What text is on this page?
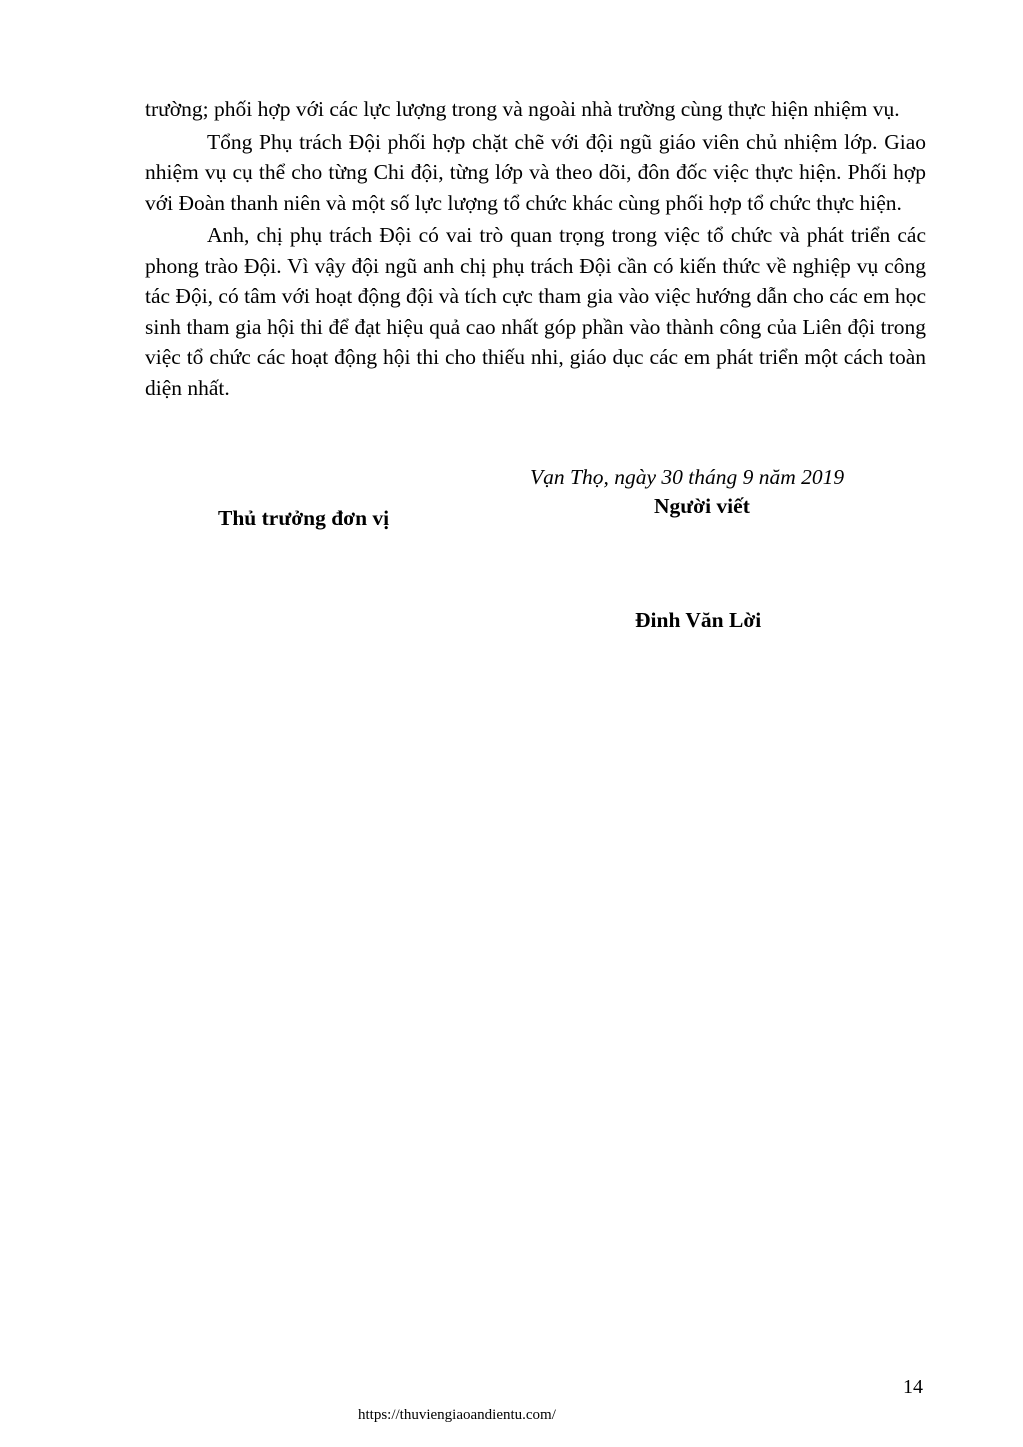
trường; phối hợp với các lực lượng trong và ngoài nhà trường cùng thực hiện nhiệm vụ.

Tổng Phụ trách Đội phối hợp chặt chẽ với đội ngũ giáo viên chủ nhiệm lớp. Giao nhiệm vụ cụ thể cho từng Chi đội, từng lớp và theo dõi, đôn đốc việc thực hiện. Phối hợp với Đoàn thanh niên và một số lực lượng tổ chức khác cùng phối hợp tổ chức thực hiện.

Anh, chị phụ trách Đội có vai trò quan trọng trong việc tổ chức và phát triển các phong trào Đội. Vì vậy đội ngũ anh chị phụ trách Đội cần có kiến thức về nghiệp vụ công tác Đội, có tâm với hoạt động đội và tích cực tham gia vào việc hướng dẫn cho các em học sinh tham gia hội thi để đạt hiệu quả cao nhất góp phần vào thành công của Liên đội trong việc tổ chức các hoạt động hội thi cho thiếu nhi, giáo dục các em phát triển một cách toàn diện nhất.

Vạn Thọ, ngày 30 tháng 9 năm 2019
Người viết
Thủ trưởng đơn vị
Đinh Văn Lời
14
https://thuviengiaoandientu.com/
